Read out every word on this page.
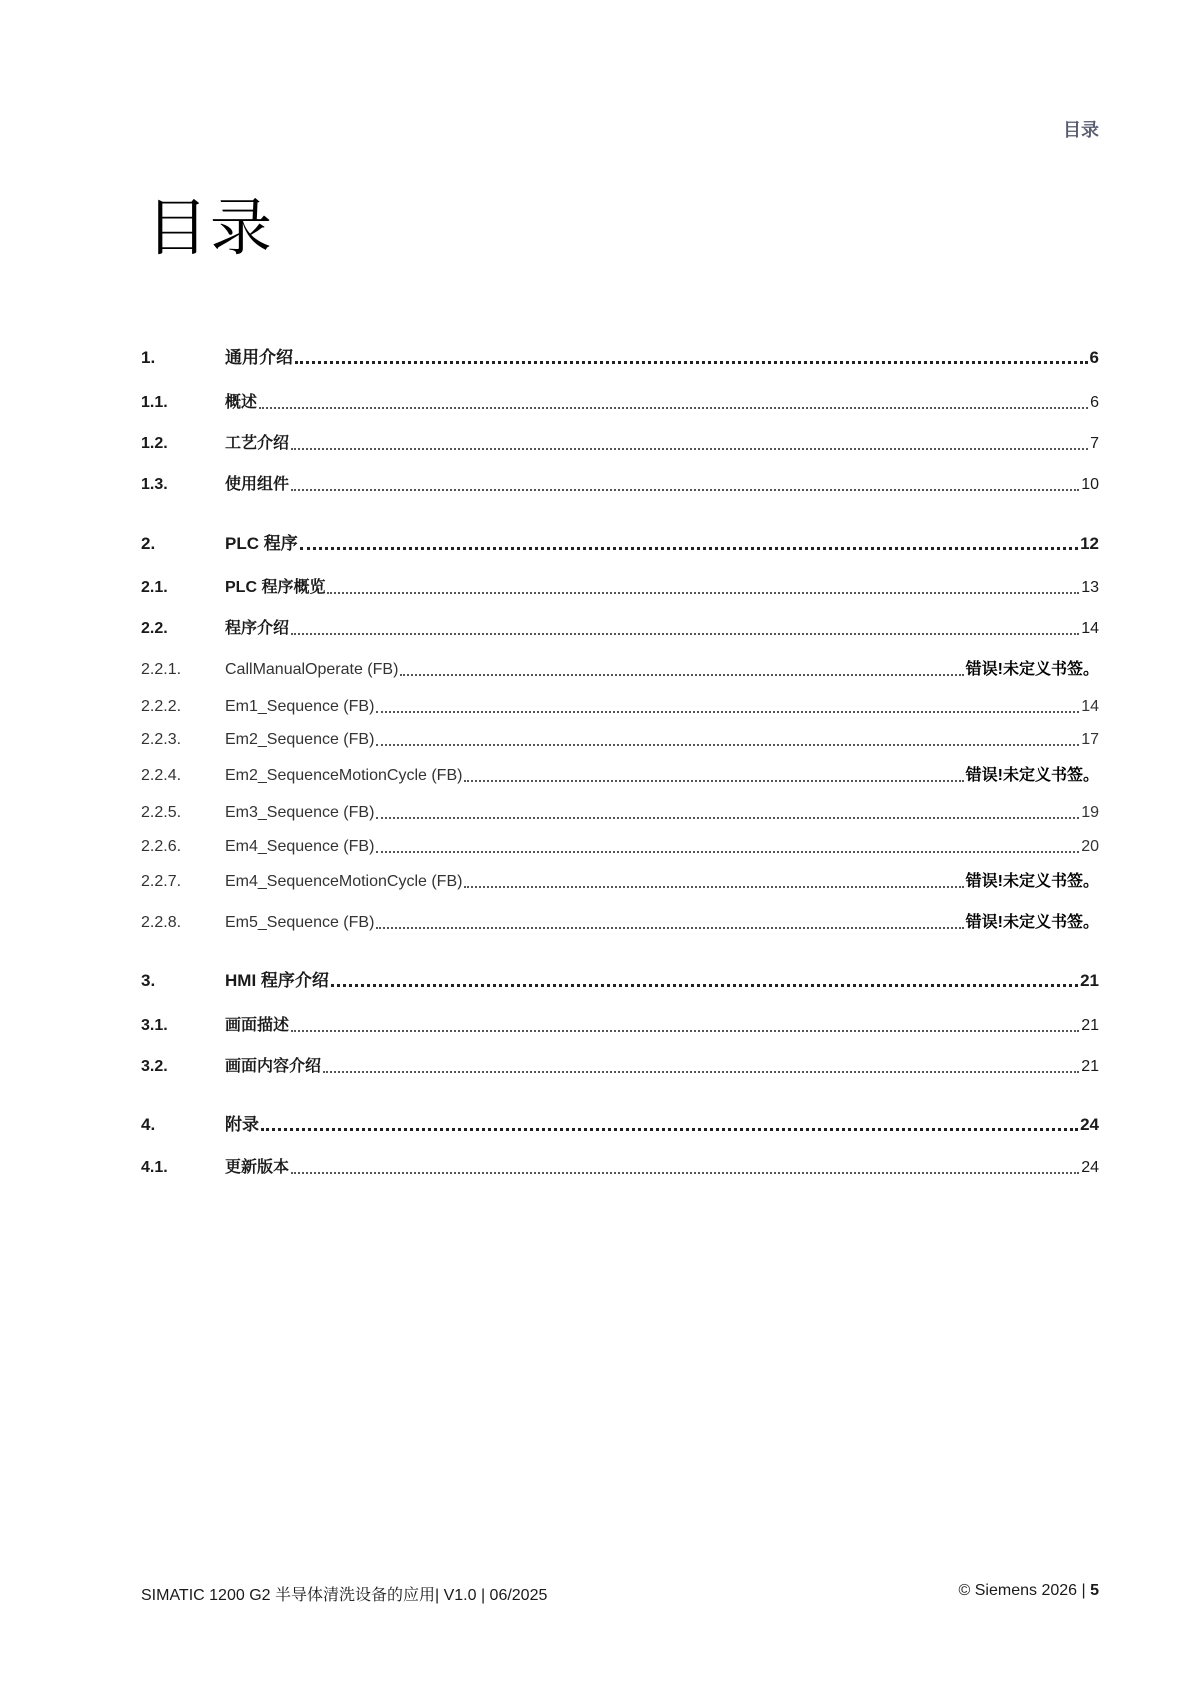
目录
目录
1.	通用介绍	6
1.1.	概述	6
1.2.	工艺介绍	7
1.3.	使用组件	10
2.	PLC 程序	12
2.1.	PLC 程序概览	13
2.2.	程序介绍	14
2.2.1.	CallManualOperate (FB)	错误!未定义书签。
2.2.2.	Em1_Sequence (FB)	14
2.2.3.	Em2_Sequence (FB)	17
2.2.4.	Em2_SequenceMotionCycle (FB)	错误!未定义书签。
2.2.5.	Em3_Sequence (FB)	19
2.2.6.	Em4_Sequence (FB)	20
2.2.7.	Em4_SequenceMotionCycle (FB)	错误!未定义书签。
2.2.8.	Em5_Sequence (FB)	错误!未定义书签。
3.	HMI 程序介绍	21
3.1.	画面描述	21
3.2.	画面内容介绍	21
4.	附录	24
4.1.	更新版本	24
SIMATIC 1200 G2 半导体清洗设备的应用| V1.0 | 06/2025	© Siemens 2026 | 5
